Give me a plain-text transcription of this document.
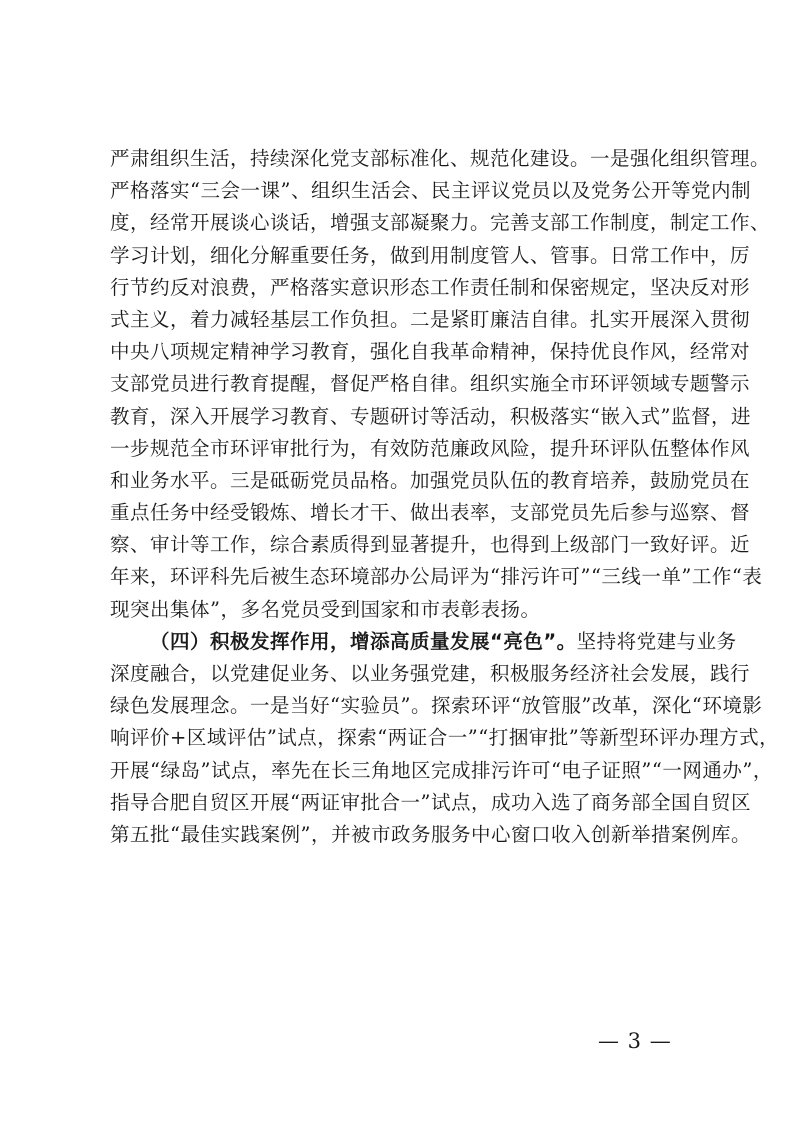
严肃组织生活，持续深化党支部标准化、规范化建设。一是强化组织管理。
严格落实“三会一课”、组织生活会、民主评议党员以及党务公开等党内制
度，经常开展谈心谈话，增强支部凝聚力。完善支部工作制度，制定工作、
学习计划，细化分解重要任务，做到用制度管人、管事。日常工作中，厉
行节约反对浪费，严格落实意识形态工作责任制和保密规定，坚决反对形
式主义，着力减轻基层工作负担。二是紧盯廉洁自律。扎实开展深入贯彻
中央八项规定精神学习教育，强化自我革命精神，保持优良作风，经常对
支部党员进行教育提醒，督促严格自律。组织实施全市环评领域专题警示
教育，深入开展学习教育、专题研讨等活动，积极落实“嵌入式”监督，进
一步规范全市环评审批行为，有效防范廉政风险，提升环评队伍整体作风
和业务水平。三是砥砺党员品格。加强党员队伍的教育培养，鼓励党员在
重点任务中经受锻炼、增长才干、做出表率，支部党员先后参与巡察、督
察、审计等工作，综合素质得到显著提升，也得到上级部门一致好评。近
年来，环评科先后被生态环境部办公局评为“排污许可”“三线一单”工作“表
现突出集体”，多名党员受到国家和市表彰表扬。
（四）积极发挥作用，增添高质量发展“亮色”。坚持将党建与业务
深度融合，以党建促业务、以业务强党建，积极服务经济社会发展，践行
绿色发展理念。一是当好“实验员”。探索环评“放管服”改革，深化“环境影
响评价+区域评估”试点，探索“两证合一”“打捆审批”等新型环评办理方式，
开展“绿岛”试点，率先在长三角地区完成排污许可“电子证照”“一网通办”，
指导合肥自贸区开展“两证审批合一”试点，成功入选了商务部全国自贸区
第五批“最佳实践案例”，并被市政务服务中心窗口收入创新举措案例库。
— 3 —
